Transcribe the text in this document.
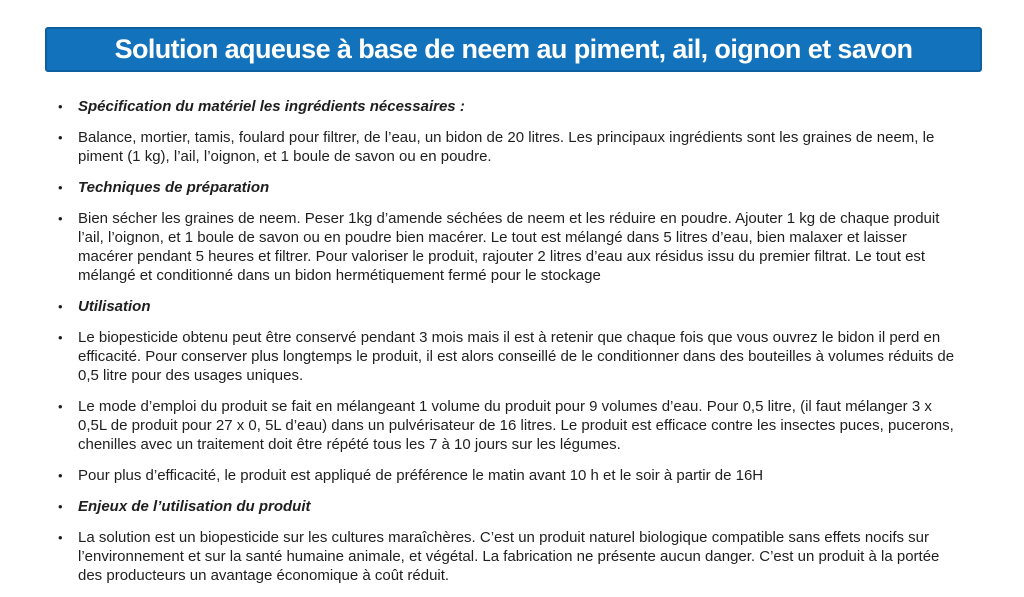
Solution aqueuse à base de neem au piment, ail, oignon et savon
•
Spécification du matériel les ingrédients nécessaires :
•
Balance, mortier, tamis, foulard pour filtrer, de l’eau, un bidon de 20 litres. Les principaux ingrédients sont les graines de neem, le piment (1 kg), l’ail, l’oignon, et 1 boule de savon ou en poudre.
•
Techniques de préparation
•
Bien sécher les graines de neem. Peser 1kg d’amende séchées de neem et les réduire en poudre. Ajouter 1 kg de chaque produit l’ail, l’oignon, et 1 boule de savon ou en poudre bien macérer. Le tout est mélangé dans 5 litres d’eau, bien malaxer et laisser macérer pendant 5 heures et filtrer. Pour valoriser le produit, rajouter 2 litres d’eau aux résidus issu du premier filtrat. Le tout est mélangé et conditionné dans un bidon hermétiquement fermé pour le stockage
•
Utilisation
•
Le biopesticide obtenu peut être conservé pendant 3 mois mais il est à retenir que chaque fois que vous ouvrez le bidon il perd en efficacité. Pour conserver plus longtemps le produit, il est alors conseillé de le conditionner dans des bouteilles à volumes réduits de 0,5 litre pour des usages uniques.
•
Le mode d’emploi du produit se fait en mélangeant 1 volume du produit pour 9 volumes d’eau. Pour 0,5 litre, (il faut mélanger 3 x 0,5L de produit pour 27 x 0, 5L d’eau) dans un pulvérisateur de 16 litres. Le produit est efficace contre les insectes puces, pucerons, chenilles avec un traitement doit être répété tous les 7 à 10 jours sur les légumes.
•
Pour plus d’efficacité, le produit est appliqué de préférence le matin avant 10 h et le soir à partir de 16H
•
Enjeux de l’utilisation du produit
•
La solution est un biopesticide sur les cultures maraîchères. C’est un produit naturel biologique compatible sans effets nocifs sur l’environnement et sur la santé humaine animale, et végétal. La fabrication ne présente aucun danger. C’est un produit à la portée des producteurs un avantage économique à coût réduit.
